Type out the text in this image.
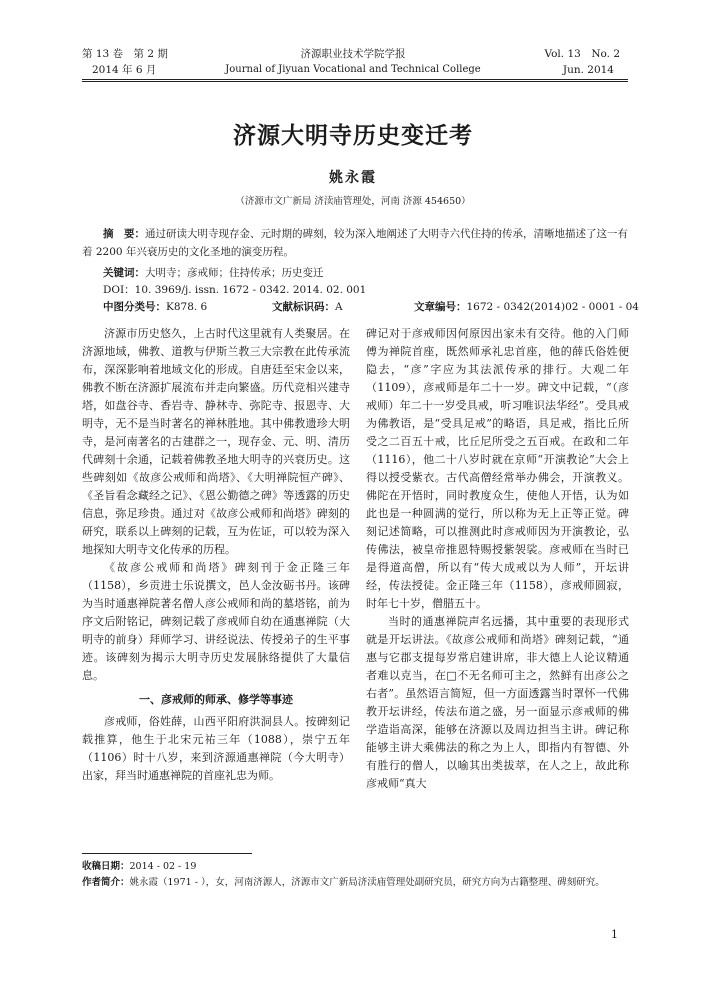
第 13 卷　第 2 期
2014 年 6 月
济源职业技术学院学报
Journal of Jiyuan Vocational and Technical College
Vol. 13　No. 2
Jun. 2014
济源大明寺历史变迁考
姚永霞
（济源市文广新局 济渎庙管理处，河南 济源 454650）
摘　要：通过研读大明寺现存金、元时期的碑刻，较为深入地阐述了大明寺六代住持的传承，清晰地描述了这一有着 2200 年兴衰历史的文化圣地的演变历程。
关键词：大明寺；彦戒师；住持传承；历史变迁
DOI：10. 3969/j. issn. 1672 - 0342. 2014. 02. 001
中图分类号：K878. 6	文献标识码：A	文章编号：1672 - 0342(2014)02 - 0001 - 04

济源市历史悠久，上古时代这里就有人类聚居。在济源地域，佛教、道教与伊斯兰教三大宗教在此传承流布，深深影响着地域文化的形成。自唐廷至宋金以来，佛教不断在济源扩展流布并走向繁盛。历代竞相兴建寺塔，如盘谷寺、香岩寺、静林寺、弥陀寺、报恩寺、大明寺，无不是当时著名的禅林胜地。其中佛教遗珍大明寺，是河南著名的古建群之一，现存金、元、明、清历代碑刻十余通，记载着佛教圣地大明寺的兴衰历史。这些碑刻如《故彦公戒师和尚塔》、《大明禅院恒产碑》、《圣旨看念藏经之记》、《恩公勤德之碑》等透露的历史信息，弥足珍贵。通过对《故彦公戒师和尚塔》碑刻的研究，联系以上碑刻的记载，互为佐证，可以较为深入地探知大明寺文化传承的历程。

《故彦公戒师和尚塔》碑刻刊于金正隆三年（1158），乡贡进士乐说撰文，邑人金汝砺书丹。该碑为当时通惠禅院著名僧人彦公戒师和尚的墓塔铭，前为序文后附铭记，碑刻记载了彦戒师自幼在通惠禅院（大明寺的前身）拜师学习、讲经说法、传授弟子的生平事迹。该碑刻为揭示大明寺历史发展脉络提供了大量信息。

一、彦戒师的师承、修学等事迹

彦戒师，俗姓薛，山西平阳府洪洞县人。按碑刻记载推算，他生于北宋元祐三年（1088），崇宁五年（1106）时十八岁，来到济源通惠禅院（今大明寺）出家，拜当时通惠禅院的首座礼忠为师。

碑记对于彦戒师因何原因出家未有交待。他的入门师傅为禅院首座，既然师承礼忠首座，他的薛氏俗姓便隐去，“彦”字应为其法派传承的排行。大观二年（1109），彦戒师是年二十一岁。碑文中记载，“（彦戒师）年二十一岁受具戒，听习唯识法华经”。受具戒为佛教语，是“受具足戒”的略语，具足戒，指比丘所受之二百五十戒，比丘尼所受之五百戒。在政和二年（1116），他二十八岁时就在京师“开演教论”大会上得以授受紫衣。古代高僧经常举办佛会，开演教义。佛陀在开悟时，同时教度众生，使他人开悟，认为如此也是一种圆满的觉行，所以称为无上正等正觉。碑刻记述简略，可以推测此时彦戒师因为开演教论，弘传佛法，被皇帝推恩特赐授紫袈裟。彦戒师在当时已是得道高僧，所以有“传大成戒以为人师”，开坛讲经，传法授徒。金正隆三年（1158），彦戒师圆寂，时年七十岁，僧腊五十。

当时的通惠禅院声名远播，其中重要的表现形式就是开坛讲法。《故彦公戒师和尚塔》碑刻记载，“通惠与它郡支提每岁常启建讲席，非大德上人论议精通者难以克当，在□不无名师可主之，然鲜有出彦公之右者”。虽然语言简短，但一方面透露当时罩怀一代佛教开坛讲经，传法布道之盛，另一面显示彦戒师的佛学造诣高深，能够在济源以及周边担当主讲。碑记称能够主讲大乘佛法的称之为上人，即指内有智德、外有胜行的僧人，以喻其出类拔萃，在人之上，故此称彦戒师“真大

收稿日期：2014 - 02 - 19
作者简介：姚永霞（1971 - ），女，河南济源人，济源市文广新局济渎庙管理处副研究员，研究方向为古籍整理、碑刻研究。
1
